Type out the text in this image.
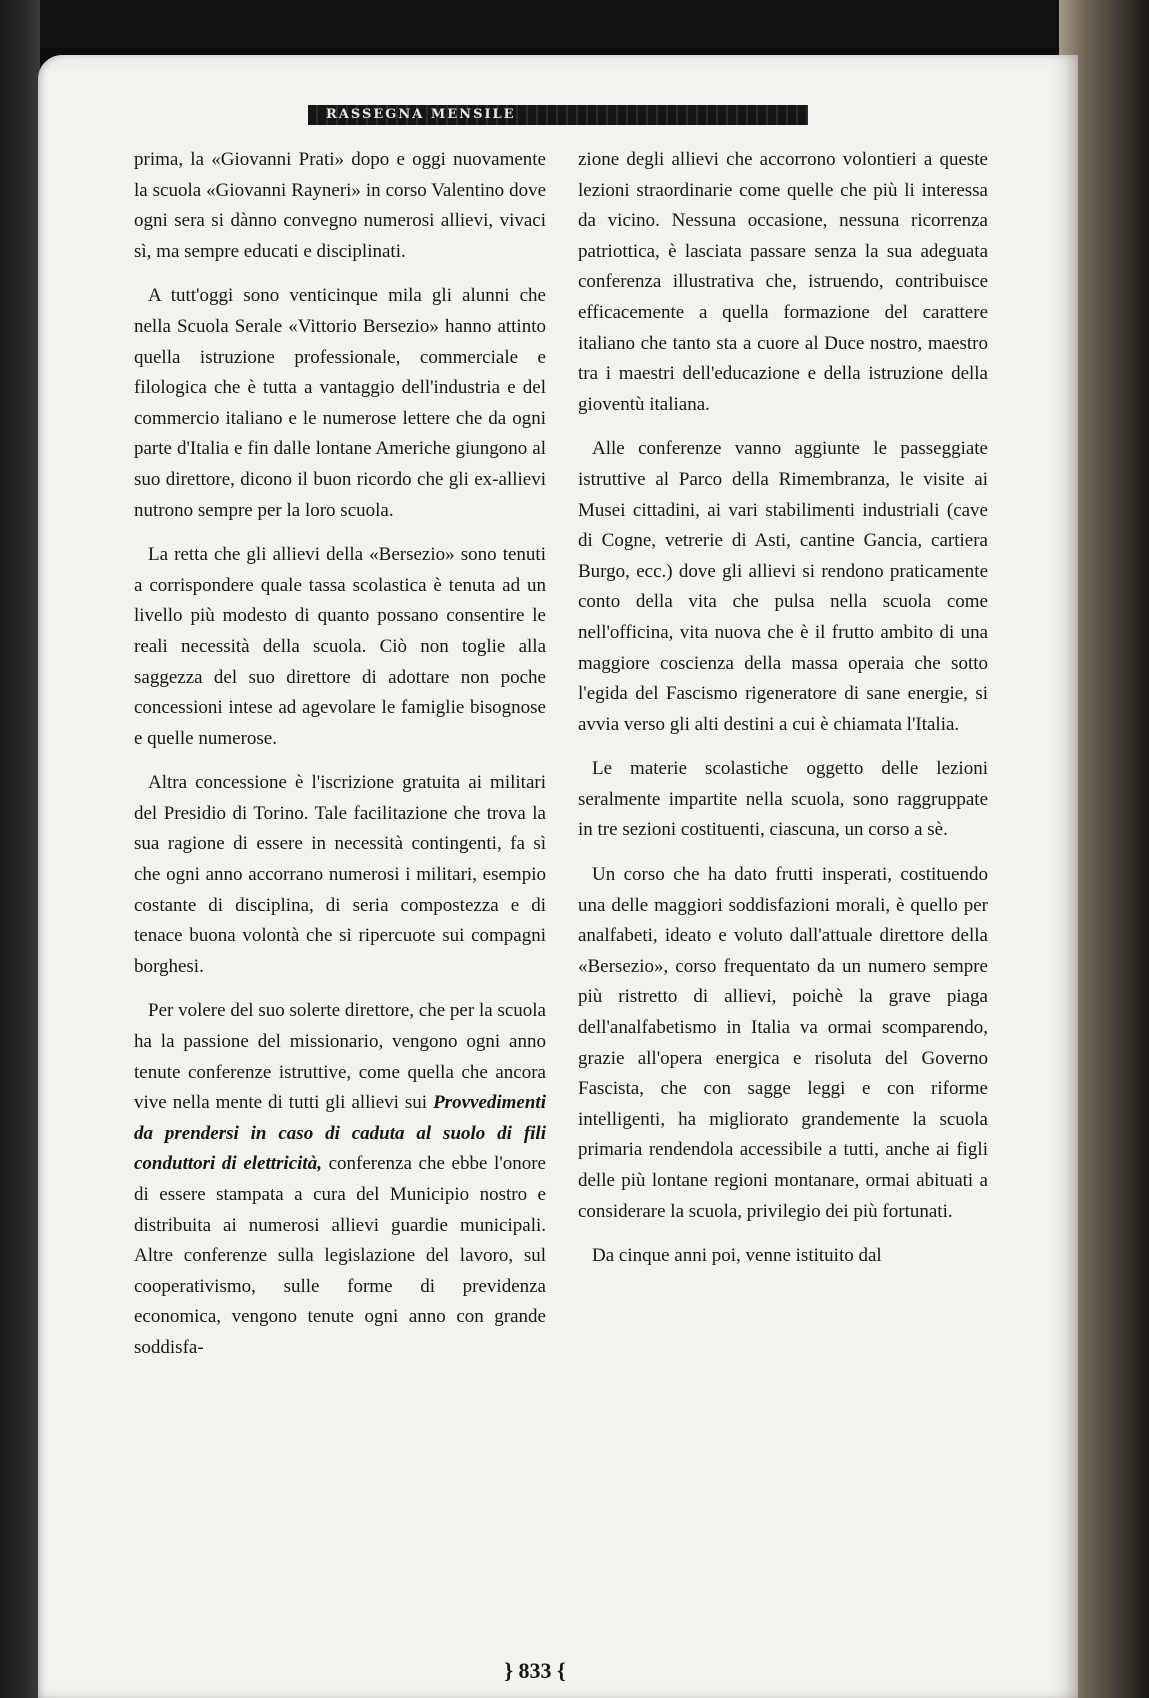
RASSEGNA MENSILE

prima, la «Giovanni Prati» dopo e oggi nuovamente la scuola «Giovanni Rayneri» in corso Valentino dove ogni sera si dànno convegno numerosi allievi, vivaci sì, ma sempre educati e disciplinati.

A tutt'oggi sono venticinque mila gli alunni che nella Scuola Serale «Vittorio Bersezio» hanno attinto quella istruzione professionale, commerciale e filologica che è tutta a vantaggio dell'industria e del commercio italiano e le numerose lettere che da ogni parte d'Italia e fin dalle lontane Americhe giungono al suo direttore, dicono il buon ricordo che gli ex-allievi nutrono sempre per la loro scuola.

La retta che gli allievi della «Bersezio» sono tenuti a corrispondere quale tassa scolastica è tenuta ad un livello più modesto di quanto possano consentire le reali necessità della scuola. Ciò non toglie alla saggezza del suo direttore di adottare non poche concessioni intese ad agevolare le famiglie bisognose e quelle numerose.

Altra concessione è l'iscrizione gratuita ai militari del Presidio di Torino. Tale facilitazione che trova la sua ragione di essere in necessità contingenti, fa sì che ogni anno accorrano numerosi i militari, esempio costante di disciplina, di seria compostezza e di tenace buona volontà che si ripercuote sui compagni borghesi.

Per volere del suo solerte direttore, che per la scuola ha la passione del missionario, vengono ogni anno tenute conferenze istruttive, come quella che ancora vive nella mente di tutti gli allievi sui Provvedimenti da prendersi in caso di caduta al suolo di fili conduttori di elettricità, conferenza che ebbe l'onore di essere stampata a cura del Municipio nostro e distribuita ai numerosi allievi guardie municipali. Altre conferenze sulla legislazione del lavoro, sul cooperativismo, sulle forme di previdenza economica, vengono tenute ogni anno con grande soddisfa-

zione degli allievi che accorrono volontieri a queste lezioni straordinarie come quelle che più li interessa da vicino. Nessuna occasione, nessuna ricorrenza patriottica, è lasciata passare senza la sua adeguata conferenza illustrativa che, istruendo, contribuisce efficacemente a quella formazione del carattere italiano che tanto sta a cuore al Duce nostro, maestro tra i maestri dell'educazione e della istruzione della gioventù italiana.

Alle conferenze vanno aggiunte le passeggiate istruttive al Parco della Rimembranza, le visite ai Musei cittadini, ai vari stabilimenti industriali (cave di Cogne, vetrerie di Asti, cantine Gancia, cartiera Burgo, ecc.) dove gli allievi si rendono praticamente conto della vita che pulsa nella scuola come nell'officina, vita nuova che è il frutto ambito di una maggiore coscienza della massa operaia che sotto l'egida del Fascismo rigeneratore di sane energie, si avvia verso gli alti destini a cui è chiamata l'Italia.

Le materie scolastiche oggetto delle lezioni seralmente impartite nella scuola, sono raggruppate in tre sezioni costituenti, ciascuna, un corso a sè.

Un corso che ha dato frutti insperati, costituendo una delle maggiori soddisfazioni morali, è quello per analfabeti, ideato e voluto dall'attuale direttore della «Bersezio», corso frequentato da un numero sempre più ristretto di allievi, poichè la grave piaga dell'analfabetismo in Italia va ormai scomparendo, grazie all'opera energica e risoluta del Governo Fascista, che con sagge leggi e con riforme intelligenti, ha migliorato grandemente la scuola primaria rendendola accessibile a tutti, anche ai figli delle più lontane regioni montanare, ormai abituati a considerare la scuola, privilegio dei più fortunati.

Da cinque anni poi, venne istituito dal

} 833 {
